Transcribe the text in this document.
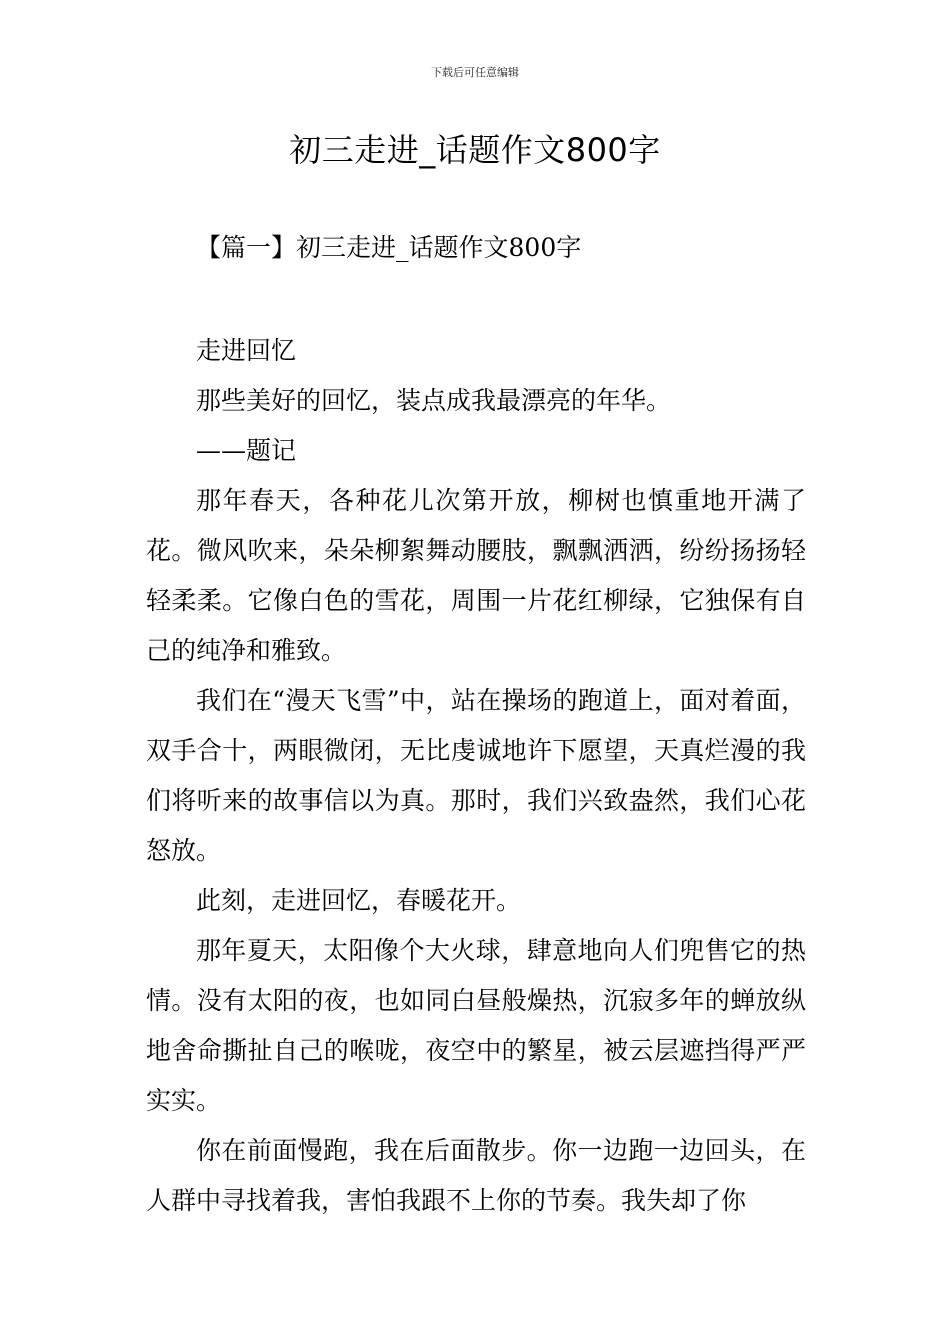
下载后可任意编辑
初三走进_话题作文800字
【篇一】初三走进_话题作文800字

走进回忆

那些美好的回忆，装点成我最漂亮的年华。

——题记

那年春天，各种花儿次第开放，柳树也慎重地开满了花。微风吹来，朵朵柳絮舞动腰肢，飘飘洒洒，纷纷扬扬轻轻柔柔。它像白色的雪花，周围一片花红柳绿，它独保有自己的纯净和雅致。

我们在“漫天飞雪”中，站在操场的跑道上，面对着面，双手合十，两眼微闭，无比虔诚地许下愿望，天真烂漫的我们将听来的故事信以为真。那时，我们兴致盎然，我们心花怒放。

此刻，走进回忆，春暖花开。

那年夏天，太阳像个大火球，肆意地向人们兜售它的热情。没有太阳的夜，也如同白昼般燥热，沉寂多年的蝉放纵地舍命撕扯自己的喉咙，夜空中的繁星，被云层遮挡得严严实实。

你在前面慢跑，我在后面散步。你一边跑一边回头，在人群中寻找着我，害怕我跟不上你的节奏。我失却了你
